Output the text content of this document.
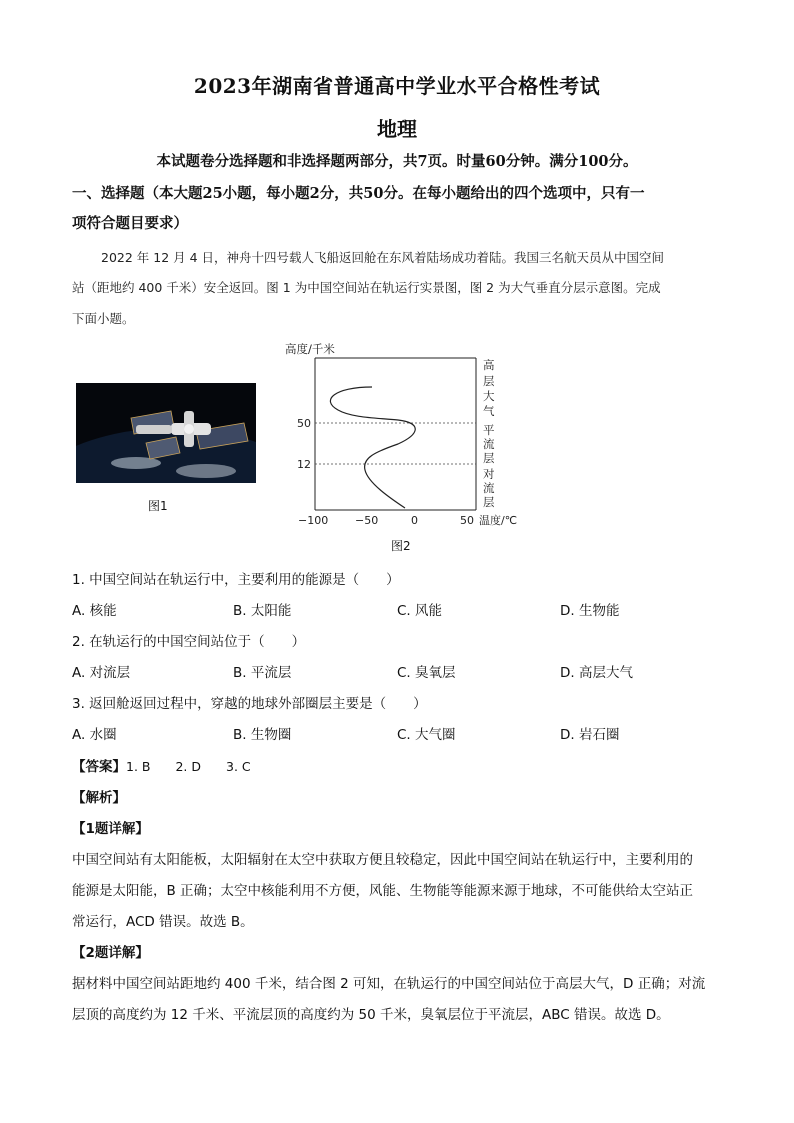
2023年湖南省普通高中学业水平合格性考试
地理
本试题卷分选择题和非选择题两部分，共7页。时量60分钟。满分100分。
一、选择题（本大题25小题，每小题2分，共50分。在每小题给出的四个选项中，只有一
项符合题目要求）
2022 年 12 月 4 日，神舟十四号载人飞船返回舱在东风着陆场成功着陆。我国三名航天员从中国空间
站（距地约 400 千米）安全返回。图 1 为中国空间站在轨运行实景图，图 2 为大气垂直分层示意图。完成
下面小题。
图1
高度/千米
50
12
−100 −50	0	50 温度/℃
高
层
大
气
平
流
层
对
流
层
图2
1. 中国空间站在轨运行中，主要利用的能源是（　　）
A. 核能	B. 太阳能	C. 风能	D. 生物能
2. 在轨运行的中国空间站位于（　　）
A. 对流层	B. 平流层	C. 臭氧层	D. 高层大气
3. 返回舱返回过程中，穿越的地球外部圈层主要是（　　）
A. 水圈	B. 生物圈	C. 大气圈	D. 岩石圈
【答案】1. B　　2. D　　3. C
【解析】
【1题详解】
中国空间站有太阳能板，太阳辐射在太空中获取方便且较稳定，因此中国空间站在轨运行中，主要利用的
能源是太阳能，B 正确；太空中核能利用不方便，风能、生物能等能源来源于地球，不可能供给太空站正
常运行，ACD 错误。故选 B。
【2题详解】
据材料中国空间站距地约 400 千米，结合图 2 可知，在轨运行的中国空间站位于高层大气，D 正确；对流
层顶的高度约为 12 千米、平流层顶的高度约为 50 千米，臭氧层位于平流层，ABC 错误。故选 D。
